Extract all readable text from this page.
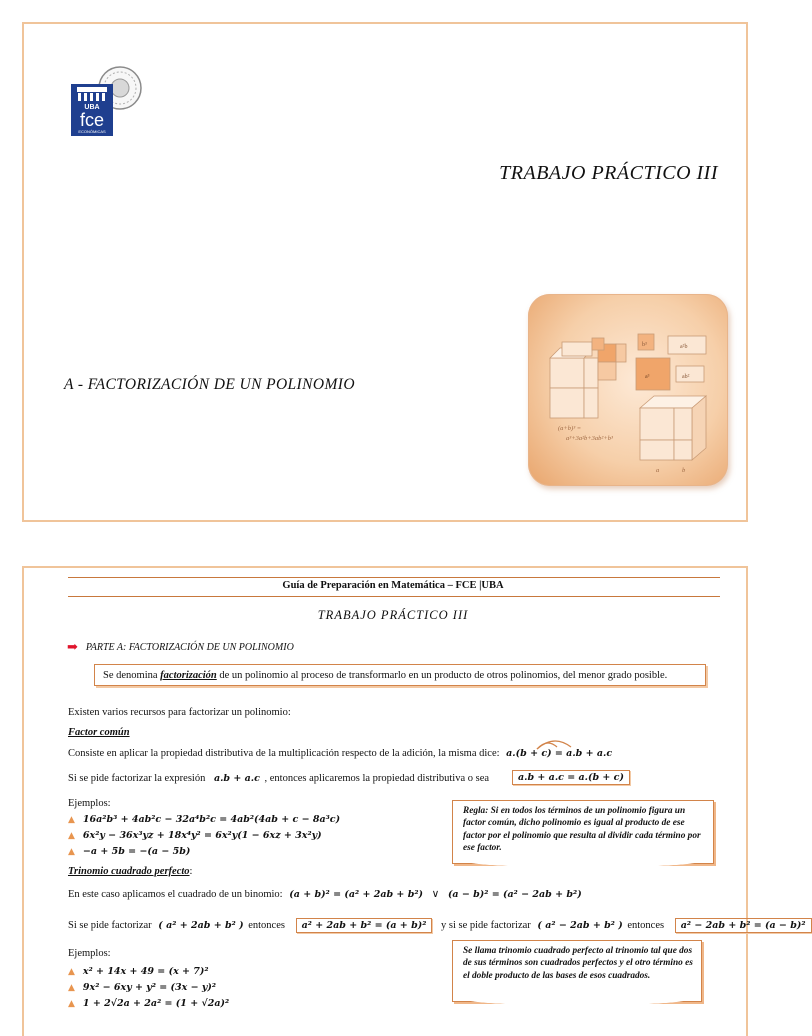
UBA
fce
ECONÓMICAS
TRABAJO PRÁCTICO III
A - FACTORIZACIÓN DE UN POLINOMIO
b³	a²b
a³	ab²
(a+b)³ =
a³+3a²b+3ab²+b³
a	b
Guía de Preparación en Matemática – FCE |UBA
TRABAJO PRÁCTICO III
➡ PARTE A: FACTORIZACIÓN DE UN POLINOMIO
Se denomina factorización de un polinomio al proceso de transformarlo en un producto de otros polinomios, del menor grado posible.
Existen varios recursos para factorizar un polinomio:
Factor común
Consiste en aplicar la propiedad distributiva de la multiplicación respecto de la adición, la misma dice: a.(b + c) = a.b + a.c
Si se pide factorizar la expresión a.b + a.c , entonces aplicaremos la propiedad distributiva o sea	a.b + a.c = a.(b + c)
Ejemplos:
▲ 16a²b³ + 4ab²c − 32a⁴b²c = 4ab²(4ab + c − 8a³c)
▲ 6x²y − 36x³yz + 18x⁴y² = 6x²y(1 − 6xz + 3x²y)
▲ −a + 5b = −(a − 5b)
Regla: Si en todos los términos de un polinomio figura un factor común, dicho polinomio es igual al producto de ese factor por el polinomio que resulta al dividir cada término por ese factor.
Trinomio cuadrado perfecto:
En este caso aplicamos el cuadrado de un binomio: (a + b)² = (a² + 2ab + b²) ∨ (a − b)² = (a² − 2ab + b²)
Si se pide factorizar ( a² + 2ab + b² ) entonces a² + 2ab + b² = (a + b)² y si se pide factorizar ( a² − 2ab + b² ) entonces a² − 2ab + b² = (a − b)²
Ejemplos:
▲ x² + 14x + 49 = (x + 7)²
▲ 9x² − 6xy + y² = (3x − y)²
▲ 1 + 2√2a + 2a² = (1 + √2a)²
Se llama trinomio cuadrado perfecto al trinomio tal que dos de sus términos son cuadrados perfectos y el otro término es el doble producto de las bases de esos cuadrados.
